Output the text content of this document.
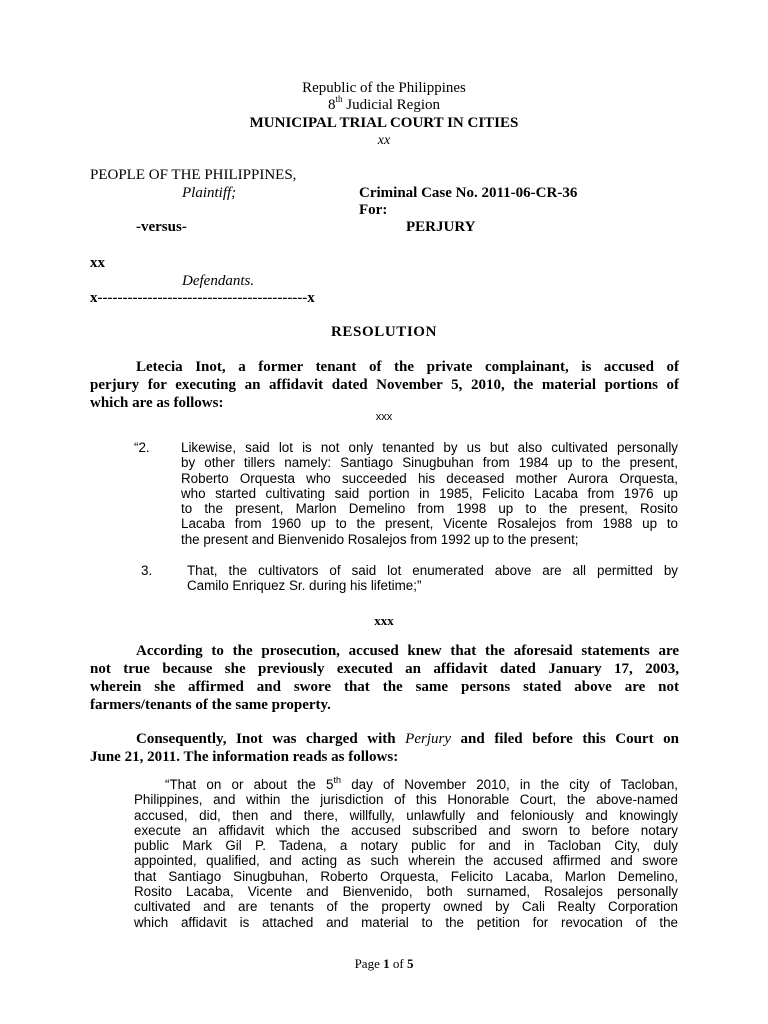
Republic of the Philippines
8th Judicial Region
MUNICIPAL TRIAL COURT IN CITIES
xx
PEOPLE OF THE PHILIPPINES,
Plaintiff;	Criminal Case No. 2011-06-CR-36
For:
-versus-	PERJURY
xx
Defendants.
x------------------------------------------x
RESOLUTION
Letecia Inot, a former tenant of the private complainant, is accused of
perjury for executing an affidavit dated November 5, 2010, the material portions of
which are as follows:
xxx
“2. Likewise, said lot is not only tenanted by us but also cultivated personally
by other tillers namely: Santiago Sinugbuhan from 1984 up to the present,
Roberto Orquesta who succeeded his deceased mother Aurora Orquesta,
who started cultivating said portion in 1985, Felicito Lacaba from 1976 up
to the present, Marlon Demelino from 1998 up to the present, Rosito
Lacaba from 1960 up to the present, Vicente Rosalejos from 1988 up to
the present and Bienvenido Rosalejos from 1992 up to the present;
3.	That, the cultivators of said lot enumerated above are all permitted by
Camilo Enriquez Sr. during his lifetime;”
xxx
According to the prosecution, accused knew that the aforesaid statements are
not true because she previously executed an affidavit dated January 17, 2003,
wherein she affirmed and swore that the same persons stated above are not
farmers/tenants of the same property.
Consequently, Inot was charged with Perjury and filed before this Court on
June 21, 2011. The information reads as follows:
“That on or about the 5th day of November 2010, in the city of Tacloban,
Philippines, and within the jurisdiction of this Honorable Court, the above-named
accused, did, then and there, willfully, unlawfully and feloniously and knowingly
execute an affidavit which the accused subscribed and sworn to before notary
public Mark Gil P. Tadena, a notary public for and in Tacloban City, duly
appointed, qualified, and acting as such wherein the accused affirmed and swore
that Santiago Sinugbuhan, Roberto Orquesta, Felicito Lacaba, Marlon Demelino,
Rosito Lacaba, Vicente and Bienvenido, both surnamed, Rosalejos personally
cultivated and are tenants of the property owned by Cali Realty Corporation
which affidavit is attached and material to the petition for revocation of the
Page 1 of 5
